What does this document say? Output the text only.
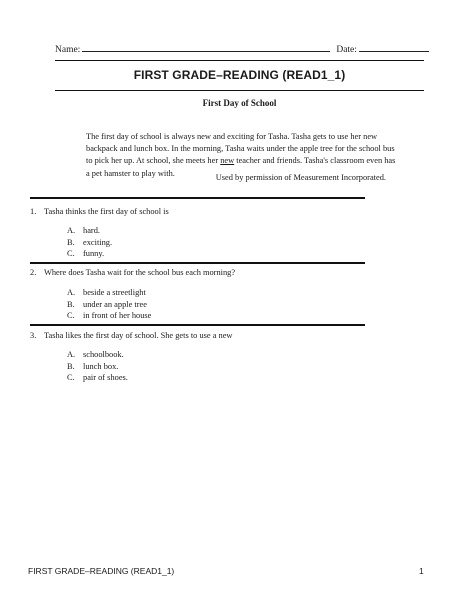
Name:	Date:
FIRST GRADE–READING (READ1_1)
First Day of School
The first day of school is always new and exciting for Tasha. Tasha gets to use her new backpack and lunch box. In the morning, Tasha waits under the apple tree for the school bus to pick her up. At school, she meets her new teacher and friends. Tasha's classroom even has a pet hamster to play with.	Used by permission of Measurement Incorporated.
1. Tasha thinks the first day of school is
A. hard.
B. exciting.
C. funny.
2. Where does Tasha wait for the school bus each morning?
A. beside a streetlight
B. under an apple tree
C. in front of her house
3. Tasha likes the first day of school. She gets to use a new
A. schoolbook.
B. lunch box.
C. pair of shoes.
FIRST GRADE–READING (READ1_1)	1
